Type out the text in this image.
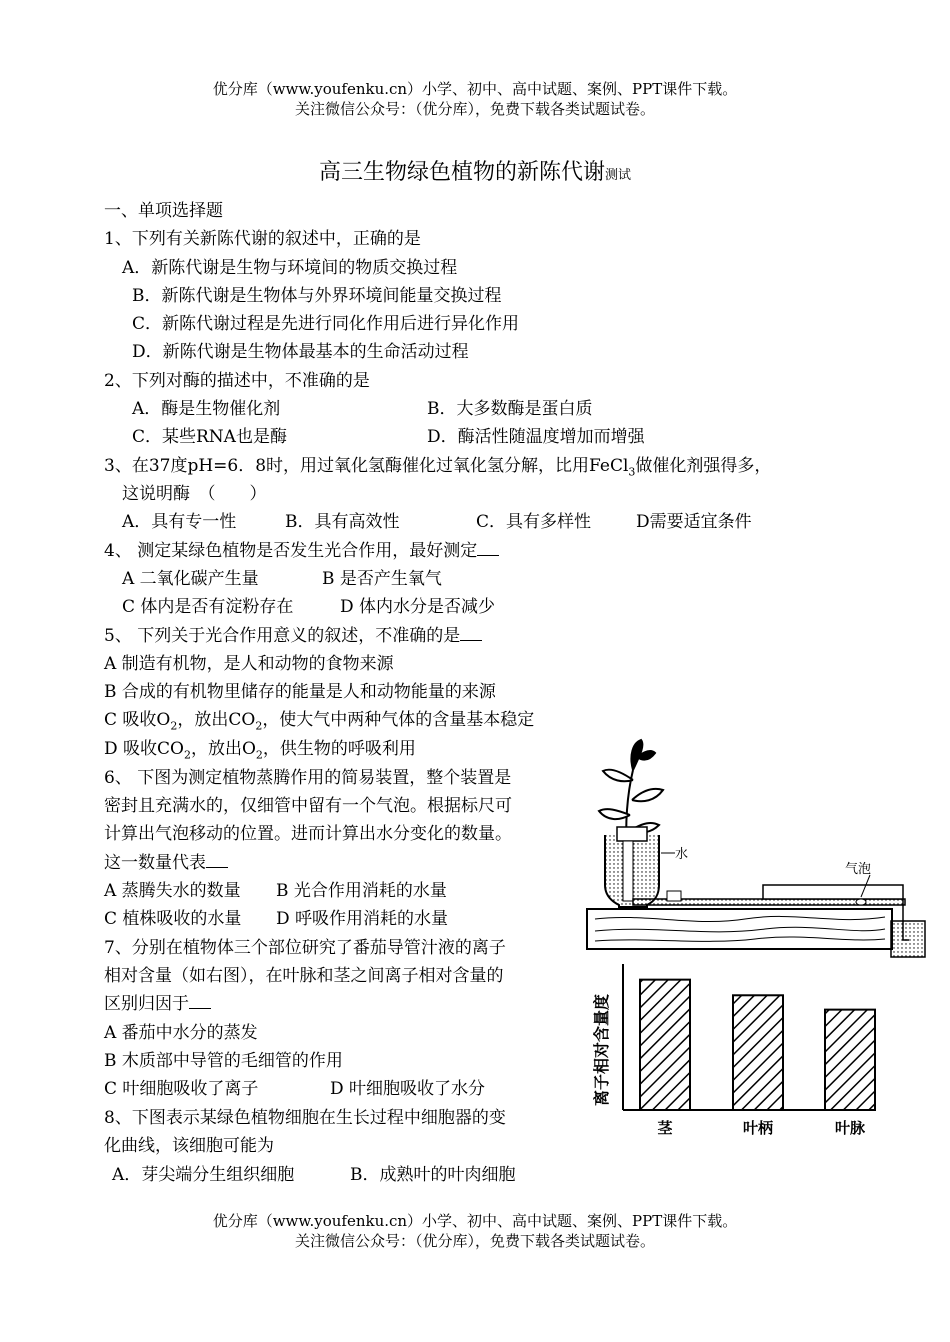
优分库（www.youfenku.cn）小学、初中、高中试题、案例、PPT课件下载。
关注微信公众号：（优分库），免费下载各类试题试卷。
高三生物绿色植物的新陈代谢测试
一、单项选择题
1、下列有关新陈代谢的叙述中，正确的是
A．新陈代谢是生物与环境间的物质交换过程
B．新陈代谢是生物体与外界环境间能量交换过程
C．新陈代谢过程是先进行同化作用后进行异化作用
D．新陈代谢是生物体最基本的生命活动过程
2、下列对酶的描述中，不准确的是
A．酶是生物催化剂	B．大多数酶是蛋白质
C．某些RNA也是酶	D．酶活性随温度增加而增强
3、在37度pH=6．8时，用过氧化氢酶催化过氧化氢分解，比用FeCl$_3$做催化剂强得多，
这说明酶　（　　）
A．具有专一性	B．具有高效性	C．具有多样性	D需要适宜条件
4、 测定某绿色植物是否发生光合作用，最好测定
A 二氧化碳产生量	B 是否产生氧气
C 体内是否有淀粉存在	D 体内水分是否减少
5、 下列关于光合作用意义的叙述，不准确的是
A 制造有机物，是人和动物的食物来源
B 合成的有机物里储存的能量是人和动物能量的来源
C 吸收$O_2$，放出$CO_2$，使大气中两种气体的含量基本稳定
D 吸收$CO_2$，放出$O_2$，供生物的呼吸利用
6、 下图为测定植物蒸腾作用的简易装置，整个装置是
密封且充满水的，仅细管中留有一个气泡。根据标尺可
计算出气泡移动的位置。进而计算出水分变化的数量。
这一数量代表
A 蒸腾失水的数量 B 光合作用消耗的水量
C 植株吸收的水量 D 呼吸作用消耗的水量
7、分别在植物体三个部位研究了番茄导管汁液的离子
相对含量（如右图），在叶脉和茎之间离子相对含量的
区别归因于
A 番茄中水分的蒸发
B 木质部中导管的毛细管的作用
C 叶细胞吸收了离子	D 叶细胞吸收了水分
8、下图表示某绿色植物细胞在生长过程中细胞器的变
化曲线，该细胞可能为
A．芽尖端分生组织细胞	B．成熟叶的叶肉细胞
水
气泡
离子相对含量度
茎	叶柄	叶脉
优分库（www.youfenku.cn）小学、初中、高中试题、案例、PPT课件下载。
关注微信公众号：（优分库），免费下载各类试题试卷。
